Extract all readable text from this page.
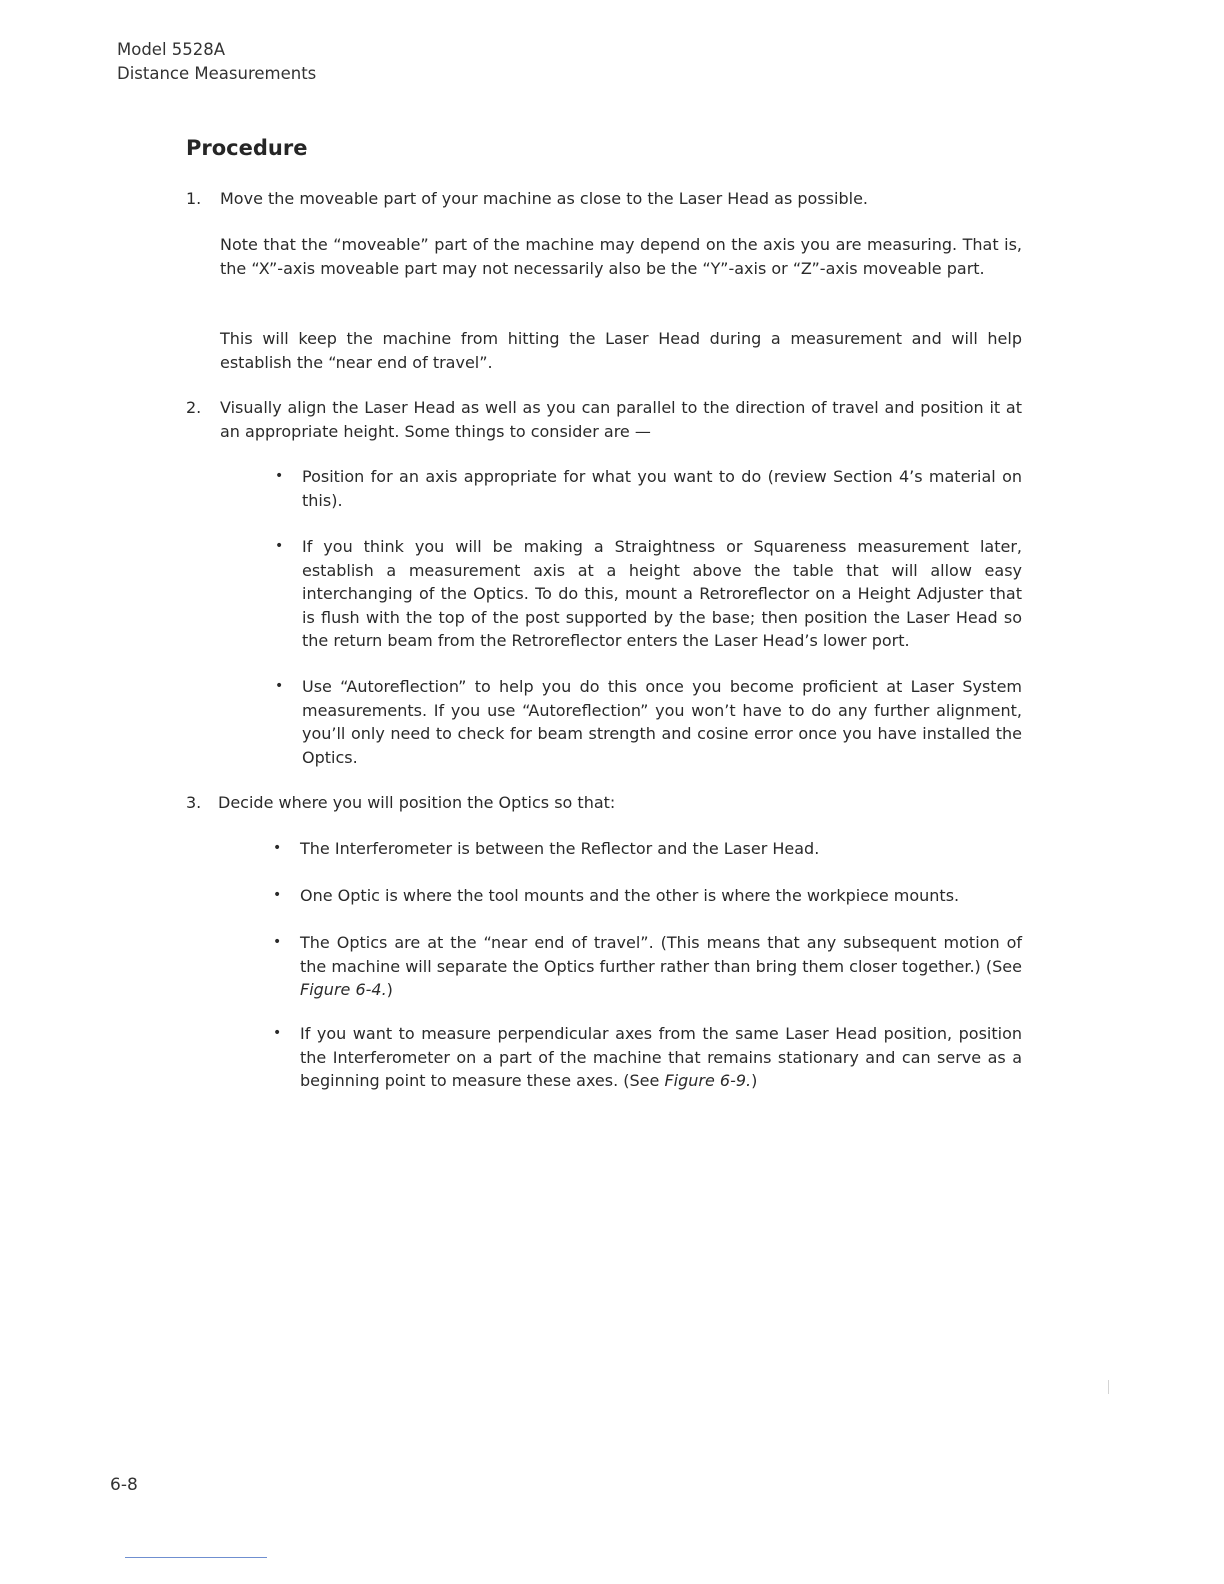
Model 5528A
Distance Measurements
Procedure
1. Move the moveable part of your machine as close to the Laser Head as possible.
Note that the “moveable” part of the machine may depend on the axis you are measuring. That is, the “X”-axis moveable part may not necessarily also be the “Y”-axis or “Z”-axis moveable part.
This will keep the machine from hitting the Laser Head during a measurement and will help establish the “near end of travel”.
2. Visually align the Laser Head as well as you can parallel to the direction of travel and position it at an appropriate height. Some things to consider are —
• Position for an axis appropriate for what you want to do (review Section 4’s material on this).
• If you think you will be making a Straightness or Squareness measurement later, establish a measurement axis at a height above the table that will allow easy interchanging of the Optics. To do this, mount a Retroreflector on a Height Adjuster that is flush with the top of the post supported by the base; then position the Laser Head so the return beam from the Retroreflector enters the Laser Head’s lower port.
• Use “Autoreflection” to help you do this once you become proficient at Laser System measurements. If you use “Autoreflection” you won’t have to do any further alignment, you’ll only need to check for beam strength and cosine error once you have installed the Optics.
3. Decide where you will position the Optics so that:
• The Interferometer is between the Reflector and the Laser Head.
• One Optic is where the tool mounts and the other is where the workpiece mounts.
• The Optics are at the “near end of travel”. (This means that any subsequent motion of the machine will separate the Optics further rather than bring them closer together.) (See Figure 6-4.)
• If you want to measure perpendicular axes from the same Laser Head position, position the Interferometer on a part of the machine that remains stationary and can serve as a beginning point to measure these axes. (See Figure 6-9.)
6-8
